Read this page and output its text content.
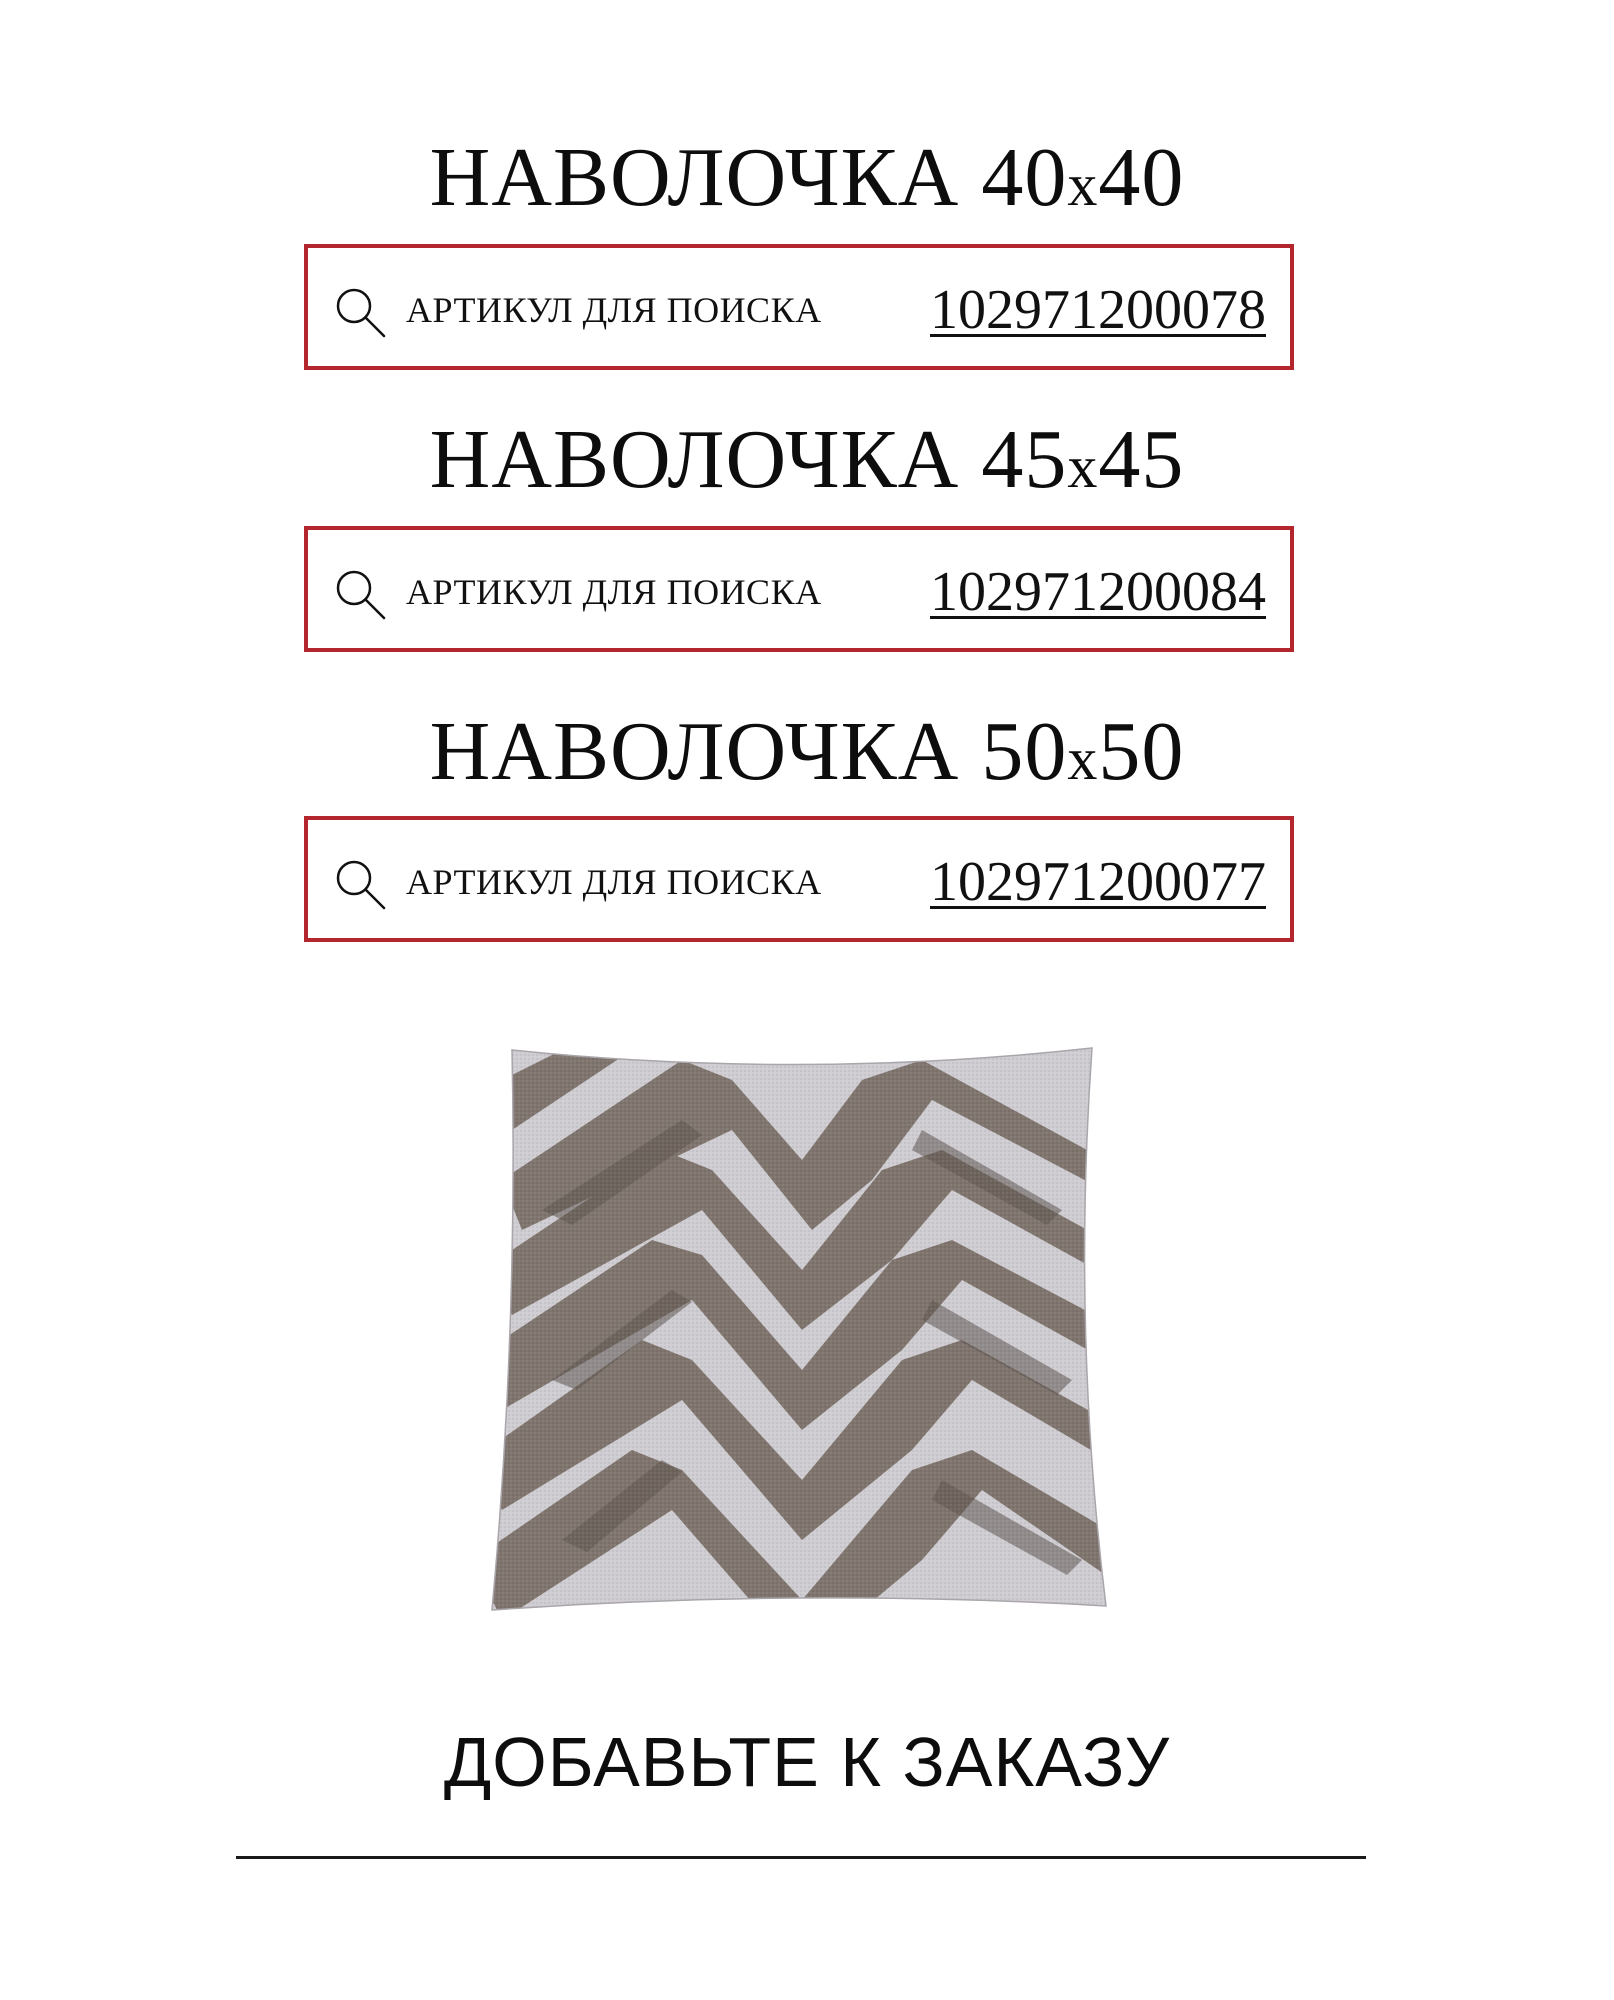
НАВОЛОЧКА 40x40
АРТИКУЛ ДЛЯ ПОИСКА 102971200078
НАВОЛОЧКА 45x45
АРТИКУЛ ДЛЯ ПОИСКА 102971200084
НАВОЛОЧКА 50x50
АРТИКУЛ ДЛЯ ПОИСКА 102971200077
ДОБАВЬТЕ К ЗАКАЗУ
